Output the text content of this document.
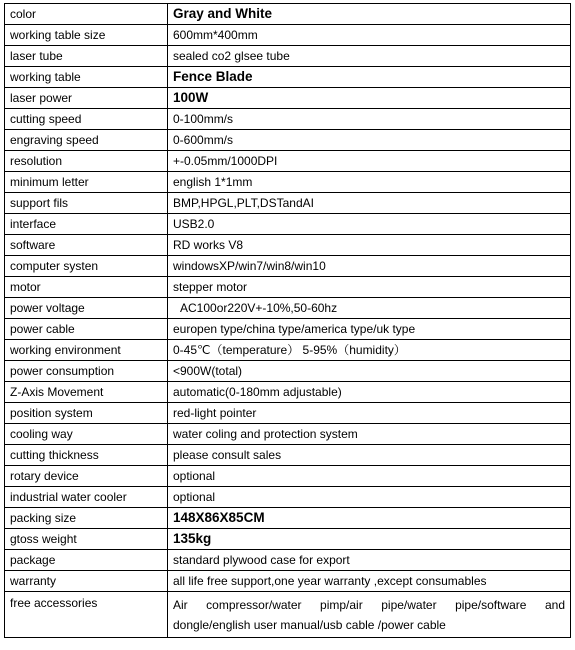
color	Gray and White
working table size	600mm*400mm
laser tube	sealed co2 glsee tube
working table	Fence Blade
laser power	100W
cutting speed	0-100mm/s
engraving speed	0-600mm/s
resolution	+-0.05mm/1000DPI
minimum letter	english 1*1mm
support fils	BMP,HPGL,PLT,DSTandAI
interface	USB2.0
software	RD works V8
computer systen	windowsXP/win7/win8/win10
motor	stepper motor
power voltage	AC100or220V+-10%,50-60hz
power cable	europen type/china type/america type/uk type
working environment	0-45℃（temperature） 5-95%（humidity）
power consumption	<900W(total)
Z-Axis Movement	automatic(0-180mm adjustable)
position system	red-light pointer
cooling way	water coling and protection system
cutting thickness	please consult sales
rotary device	optional
industrial water cooler	optional
packing size	148X86X85CM
gtoss weight	135kg
package	standard plywood case for export
warranty	all life free support,one year warranty ,except consumables
free accessories	Air compressor/water pimp/air pipe/water pipe/software and dongle/english user manual/usb cable /power cable
